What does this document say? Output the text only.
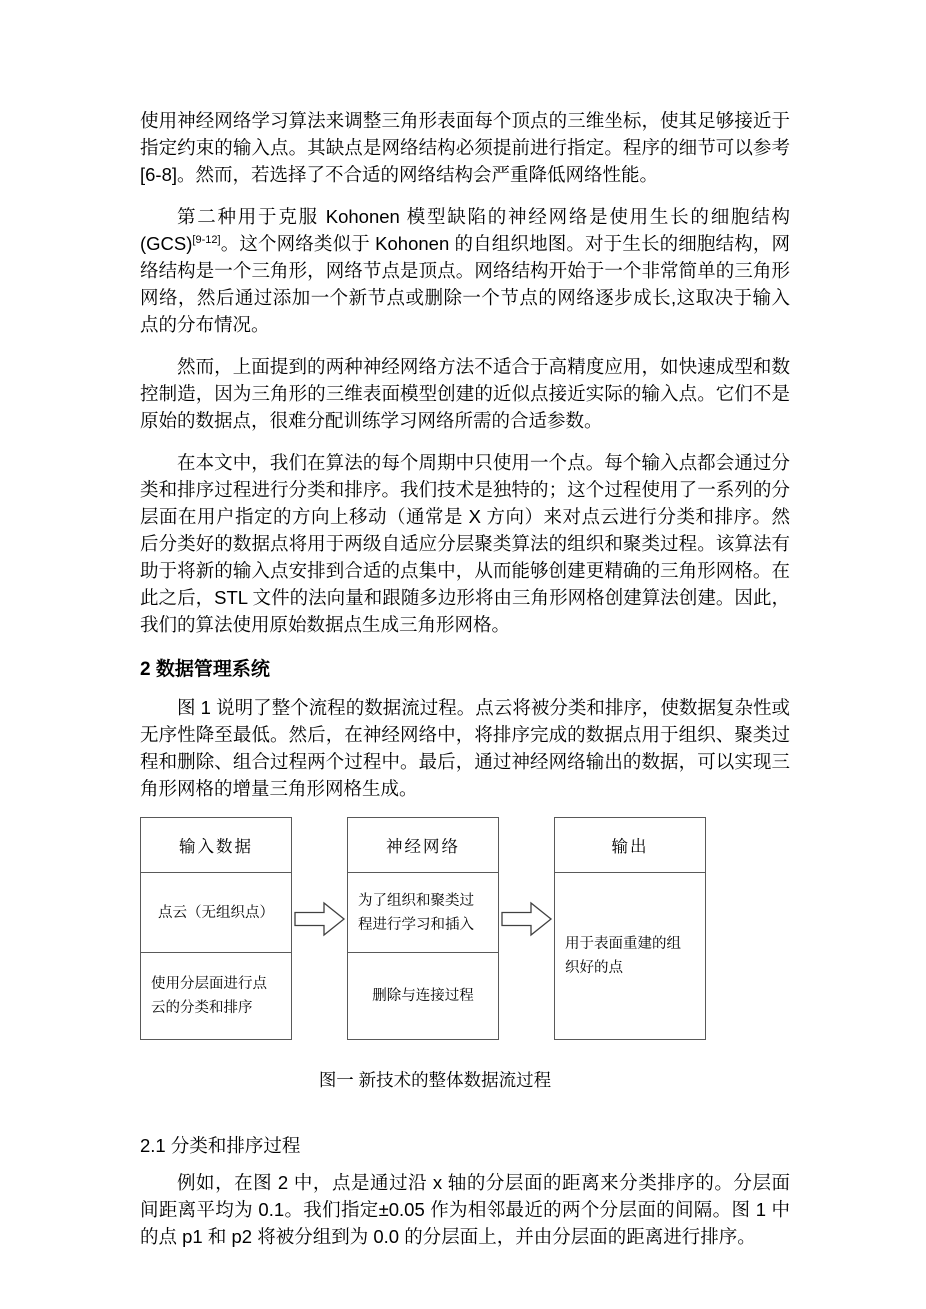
使用神经网络学习算法来调整三角形表面每个顶点的三维坐标，使其足够接近于指定约束的输入点。其缺点是网络结构必须提前进行指定。程序的细节可以参考[6-8]。然而，若选择了不合适的网络结构会严重降低网络性能。

第二种用于克服 Kohonen 模型缺陷的神经网络是使用生长的细胞结构(GCS)[9-12]。这个网络类似于 Kohonen 的自组织地图。对于生长的细胞结构，网络结构是一个三角形，网络节点是顶点。网络结构开始于一个非常简单的三角形网络，然后通过添加一个新节点或删除一个节点的网络逐步成长,这取决于输入点的分布情况。

然而，上面提到的两种神经网络方法不适合于高精度应用，如快速成型和数控制造，因为三角形的三维表面模型创建的近似点接近实际的输入点。它们不是原始的数据点，很难分配训练学习网络所需的合适参数。

在本文中，我们在算法的每个周期中只使用一个点。每个输入点都会通过分类和排序过程进行分类和排序。我们技术是独特的；这个过程使用了一系列的分层面在用户指定的方向上移动（通常是 X 方向）来对点云进行分类和排序。然后分类好的数据点将用于两级自适应分层聚类算法的组织和聚类过程。该算法有助于将新的输入点安排到合适的点集中，从而能够创建更精确的三角形网格。在此之后，STL 文件的法向量和跟随多边形将由三角形网格创建算法创建。因此，我们的算法使用原始数据点生成三角形网格。

2 数据管理系统

图 1 说明了整个流程的数据流过程。点云将被分类和排序，使数据复杂性或无序性降至最低。然后，在神经网络中，将排序完成的数据点用于组织、聚类过程和删除、组合过程两个过程中。最后，通过神经网络输出的数据，可以实现三角形网格的增量三角形网格生成。

输入数据
点云（无组织点）
使用分层面进行点云的分类和排序
神经网络
为了组织和聚类过程进行学习和插入
删除与连接过程
输出
用于表面重建的组织好的点
图一 新技术的整体数据流过程
2.1 分类和排序过程

例如，在图 2 中，点是通过沿 x 轴的分层面的距离来分类排序的。分层面间距离平均为 0.1。我们指定±0.05 作为相邻最近的两个分层面的间隔。图 1 中的点 p1 和 p2 将被分组到为 0.0 的分层面上，并由分层面的距离进行排序。
